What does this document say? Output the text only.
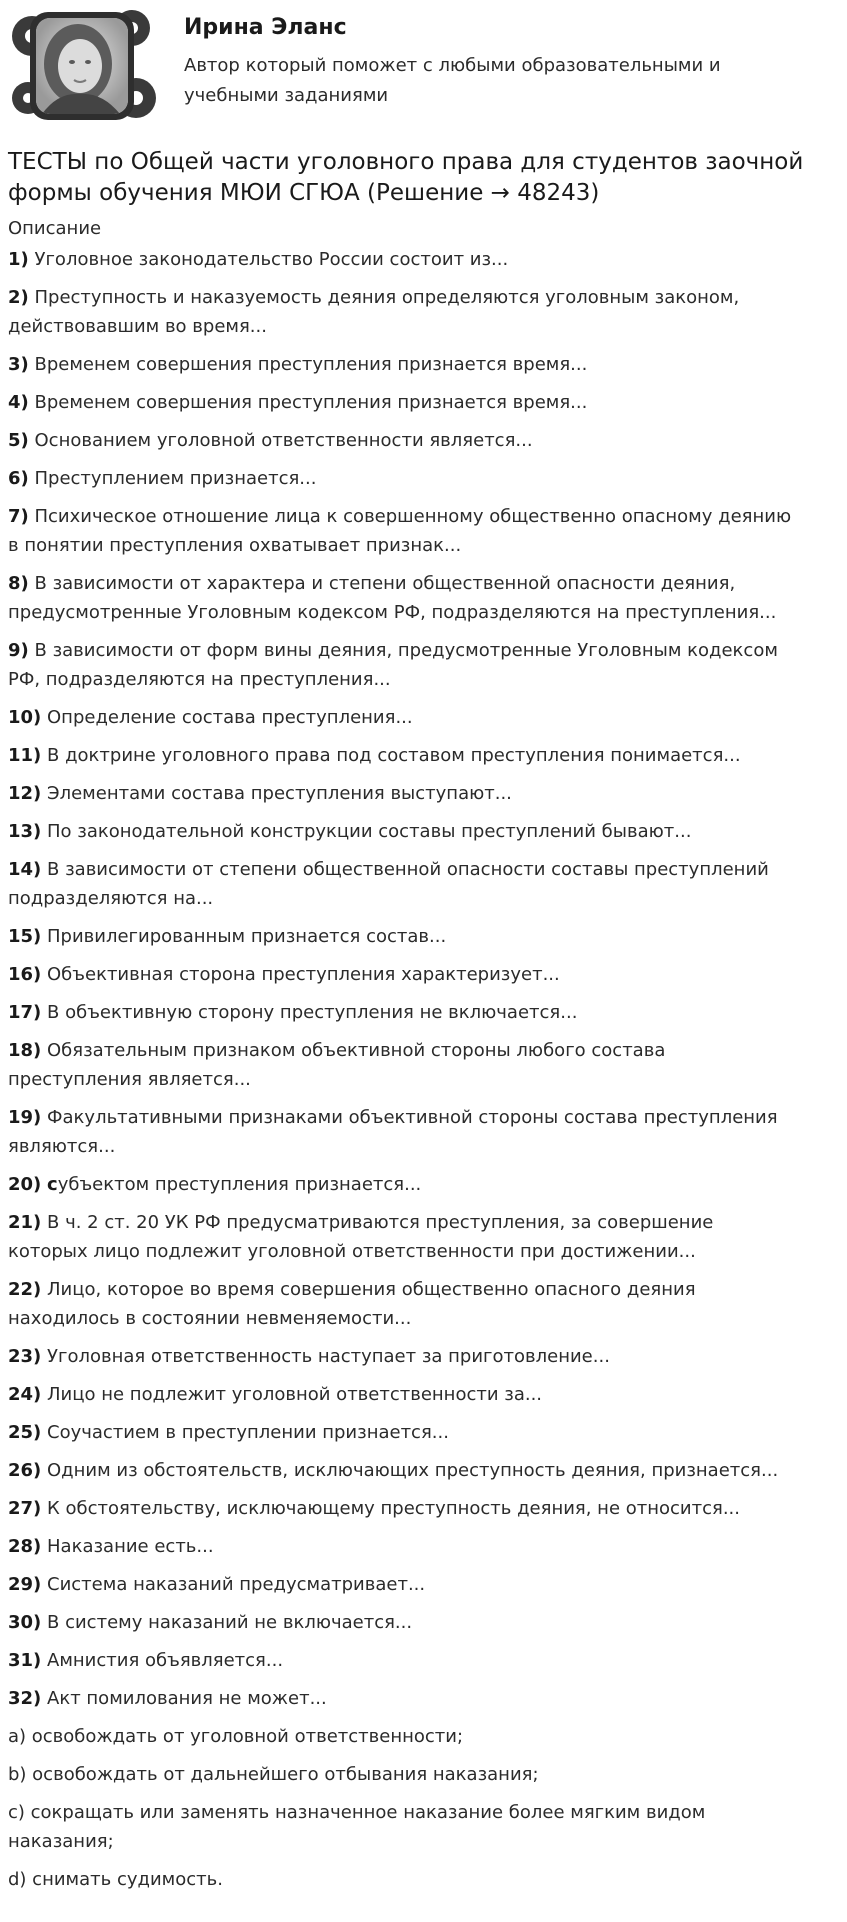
Ирина Эланс
Автор который поможет с любыми образовательными и
учебными заданиями
ТЕСТЫ по Общей части уголовного права для студентов заочной
формы обучения МЮИ СГЮА (Решение → 48243)
Описание
1) Уголовное законодательство России состоит из...
2) Преступность и наказуемость деяния определяются уголовным законом,
действовавшим во время...
3) Временем совершения преступления признается время...
4) Временем совершения преступления признается время...
5) Основанием уголовной ответственности является...
6) Преступлением признается...
7) Психическое отношение лица к совершенному общественно опасному деянию
в понятии преступления охватывает признак...
8) В зависимости от характера и степени общественной опасности деяния,
предусмотренные Уголовным кодексом РФ, подразделяются на преступления...
9) В зависимости от форм вины деяния, предусмотренные Уголовным кодексом
РФ, подразделяются на преступления...
10) Определение состава преступления...
11) В доктрине уголовного права под составом преступления понимается...
12) Элементами состава преступления выступают...
13) По законодательной конструкции составы преступлений бывают...
14) В зависимости от степени общественной опасности составы преступлений
подразделяются на...
15) Привилегированным признается состав...
16) Объективная сторона преступления характеризует...
17) В объективную сторону преступления не включается...
18) Обязательным признаком объективной стороны любого состава
преступления является...
19) Факультативными признаками объективной стороны состава преступления
являются...
20) субъектом преступления признается...
21) В ч. 2 ст. 20 УК РФ предусматриваются преступления, за совершение
которых лицо подлежит уголовной ответственности при достижении...
22) Лицо, которое во время совершения общественно опасного деяния
находилось в состоянии невменяемости...
23) Уголовная ответственность наступает за приготовление...
24) Лицо не подлежит уголовной ответственности за...
25) Соучастием в преступлении признается...
26) Одним из обстоятельств, исключающих преступность деяния, признается...
27) К обстоятельству, исключающему преступность деяния, не относится...
28) Наказание есть...
29) Система наказаний предусматривает...
30) В систему наказаний не включается...
31) Амнистия объявляется...
32) Акт помилования не может...
a) освобождать от уголовной ответственности;
b) освобождать от дальнейшего отбывания наказания;
c) сокращать или заменять назначенное наказание более мягким видом
наказания;
d) снимать судимость.
